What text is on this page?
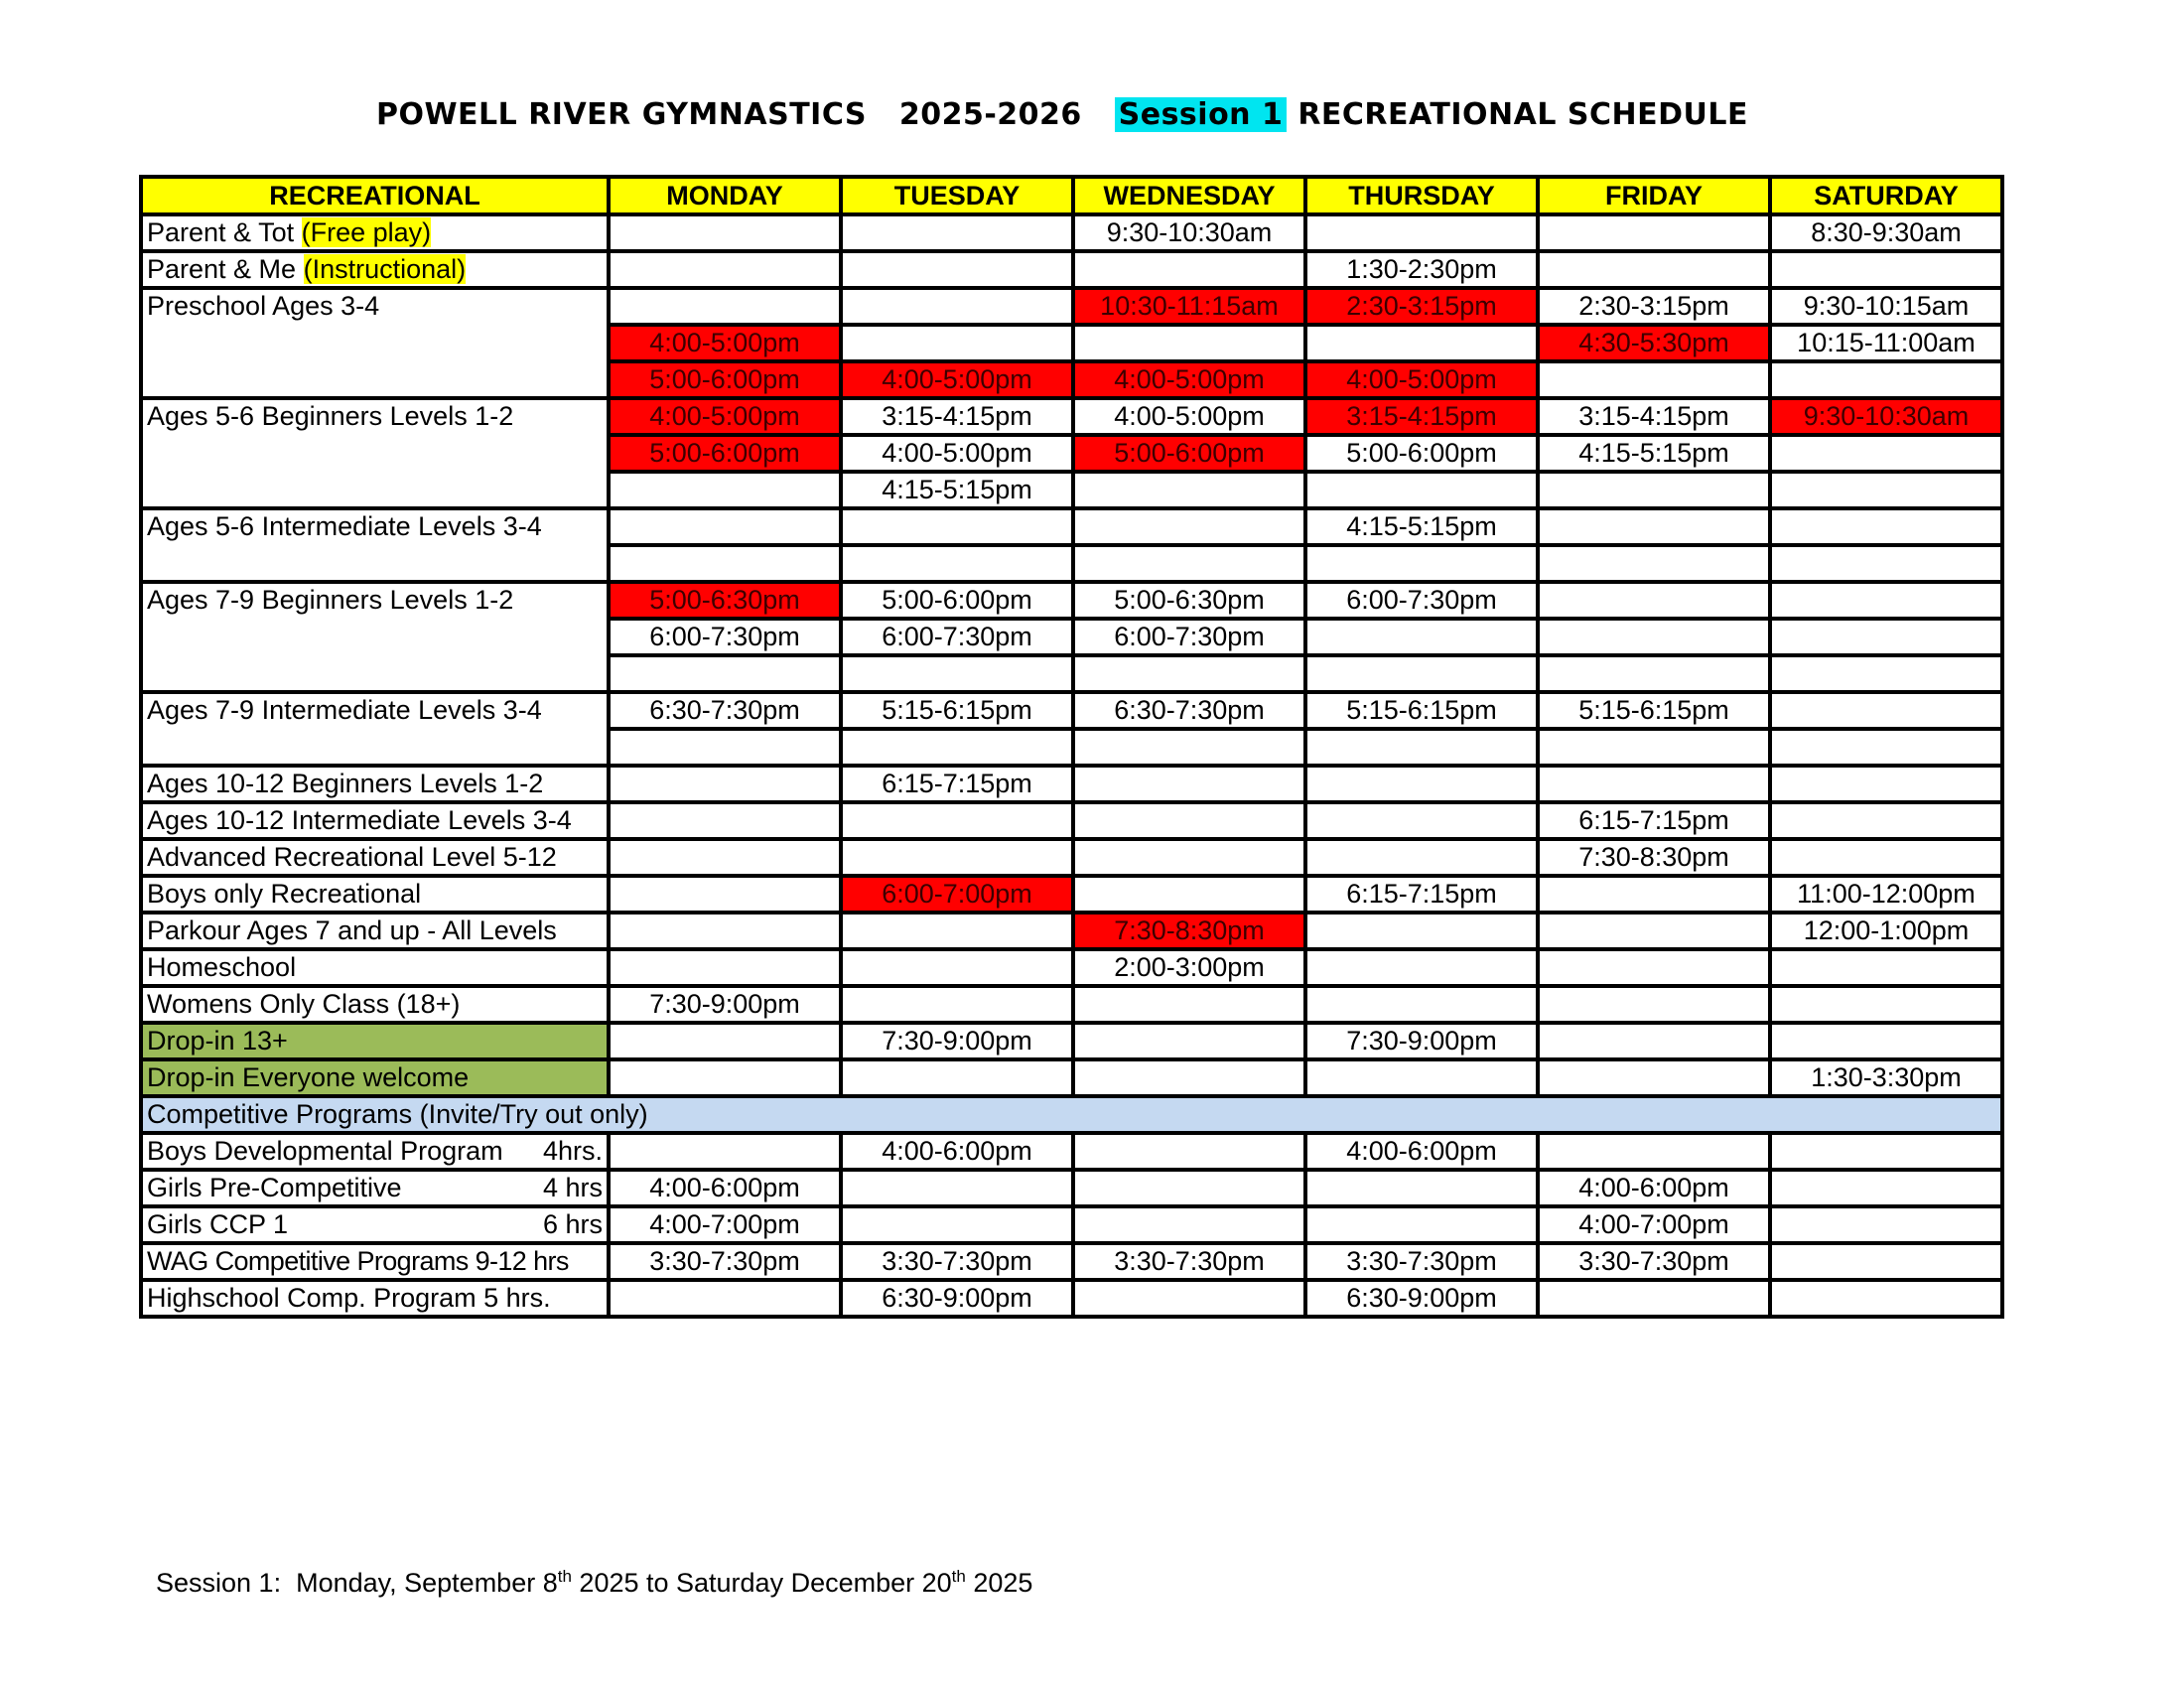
POWELL RIVER GYMNASTICS   2025-2026   Session 1 RECREATIONAL SCHEDULE
RECREATIONAL	MONDAY	TUESDAY	WEDNESDAY	THURSDAY	FRIDAY	SATURDAY
Parent & Tot (Free play)			9:30-10:30am			8:30-9:30am
Parent & Me (Instructional)				1:30-2:30pm		
Preschool Ages 3-4			10:30-11:15am	2:30-3:15pm	2:30-3:15pm	9:30-10:15am
	4:00-5:00pm				4:30-5:30pm	10:15-11:00am
	5:00-6:00pm	4:00-5:00pm	4:00-5:00pm	4:00-5:00pm		
Ages 5-6 Beginners Levels 1-2	4:00-5:00pm	3:15-4:15pm	4:00-5:00pm	3:15-4:15pm	3:15-4:15pm	9:30-10:30am
	5:00-6:00pm	4:00-5:00pm	5:00-6:00pm	5:00-6:00pm	4:15-5:15pm	
		4:15-5:15pm				
Ages 5-6 Intermediate Levels 3-4				4:15-5:15pm		

Ages 7-9 Beginners Levels 1-2	5:00-6:30pm	5:00-6:00pm	5:00-6:30pm	6:00-7:30pm		
	6:00-7:30pm	6:00-7:30pm	6:00-7:30pm			

Ages 7-9 Intermediate Levels 3-4	6:30-7:30pm	5:15-6:15pm	6:30-7:30pm	5:15-6:15pm	5:15-6:15pm	

Ages 10-12 Beginners Levels 1-2		6:15-7:15pm				
Ages 10-12 Intermediate Levels 3-4					6:15-7:15pm	
Advanced Recreational Level 5-12					7:30-8:30pm	
Boys only Recreational		6:00-7:00pm		6:15-7:15pm		11:00-12:00pm
Parkour Ages 7 and up - All Levels			7:30-8:30pm			12:00-1:00pm
Homeschool			2:00-3:00pm			
Womens Only Class (18+)	7:30-9:00pm					
Drop-in 13+		7:30-9:00pm		7:30-9:00pm		
Drop-in Everyone welcome						1:30-3:30pm
Competitive Programs (Invite/Try out only)						

Boys Developmental Program 4hrs.		4:00-6:00pm		4:00-6:00pm		

Girls Pre-Competitive 4 hrs	4:00-6:00pm				4:00-6:00pm	

Girls CCP 1 6 hrs	4:00-7:00pm				4:00-7:00pm	
WAG Competitive Programs 9-12 hrs	3:30-7:30pm	3:30-7:30pm	3:30-7:30pm	3:30-7:30pm	3:30-7:30pm	
Highschool Comp. Program 5 hrs.		6:30-9:00pm		6:30-9:00pm		
Session 1:  Monday, September 8th 2025 to Saturday December 20th 2025
